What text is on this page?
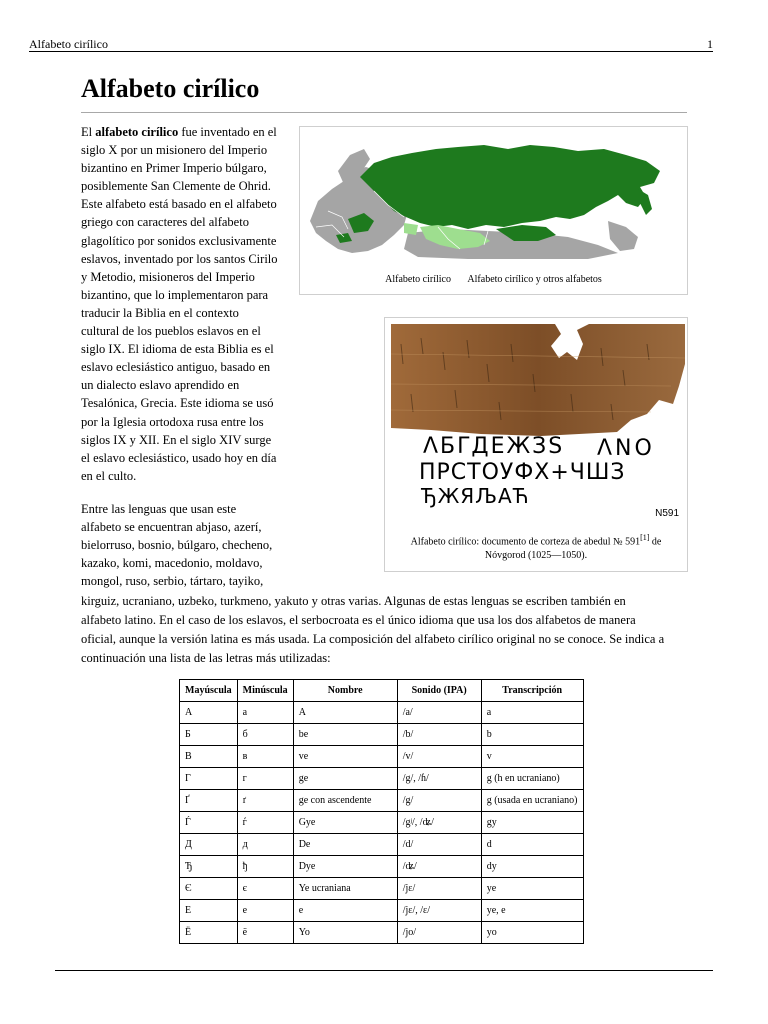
Alfabeto cirílico	1
Alfabeto cirílico

El alfabeto cirílico fue inventado en el
siglo X por un misionero del Imperio
bizantino en Primer Imperio búlgaro,
posiblemente San Clemente de Ohrid.
Este alfabeto está basado en el alfabeto
griego con caracteres del alfabeto
glagolítico por sonidos exclusivamente
eslavos, inventado por los santos Cirilo
y Metodio, misioneros del Imperio
bizantino, que lo implementaron para
traducir la Biblia en el contexto
cultural de los pueblos eslavos en el
siglo IX. El idioma de esta Biblia es el
eslavo eclesiástico antiguo, basado en
un dialecto eslavo aprendido en
Tesalónica, Grecia. Este idioma se usó
por la Iglesia ortodoxa rusa entre los
siglos IX y XII. En el siglo XIV surge
el eslavo eclesiástico, usado hoy en día
en el culto.

Entre las lenguas que usan este
alfabeto se encuentran abjaso, azerí,
bielorruso, bosnio, búlgaro, checheno,
kazako, komi, macedonio, moldavo,
mongol, ruso, serbio, tártaro, tayiko,

kirguiz, ucraniano, uzbeko, turkmeno, yakuto y otras varias. Algunas de estas lenguas se escriben también en
alfabeto latino. En el caso de los eslavos, el serbocroata es el único idioma que usa los dos alfabetos de manera
oficial, aunque la versión latina es más usada. La composición del alfabeto cirílico original no se conoce. Se indica a
continuación una lista de las letras más utilizadas:

Alfabeto cirílico Alfabeto cirílico y otros alfabetos
ΛБΓДЕЖЗЅ ΛNO
ПРСТОУФХ+ЧШЗ
ЂЖЯЉАЋ
N591
Alfabeto cirílico: documento de corteza de abedul № 591[1] de
Nóvgorod (1025―1050).
Mayúscula	Minúscula	Nombre	Sonido (IPA)	Transcripción
А	а	A	/a/	a
Б	б	be	/b/	b
В	в	ve	/v/	v
Г	г	ge	/g/, /ɦ/	g (h en ucraniano)
Ґ	ґ	ge con ascendente	/g/	g (usada en ucraniano)
Ѓ	ѓ	Gye	/gʲ/, /ʥ/	gy
Д	д	De	/d/	d
Ђ	ђ	Dye	/ʥ/	dy
Є	є	Ye ucraniana	/jɛ/	ye
Е	е	e	/jɛ/, /ɛ/	ye, e
Ё	ё	Yo	/jo/	yo
